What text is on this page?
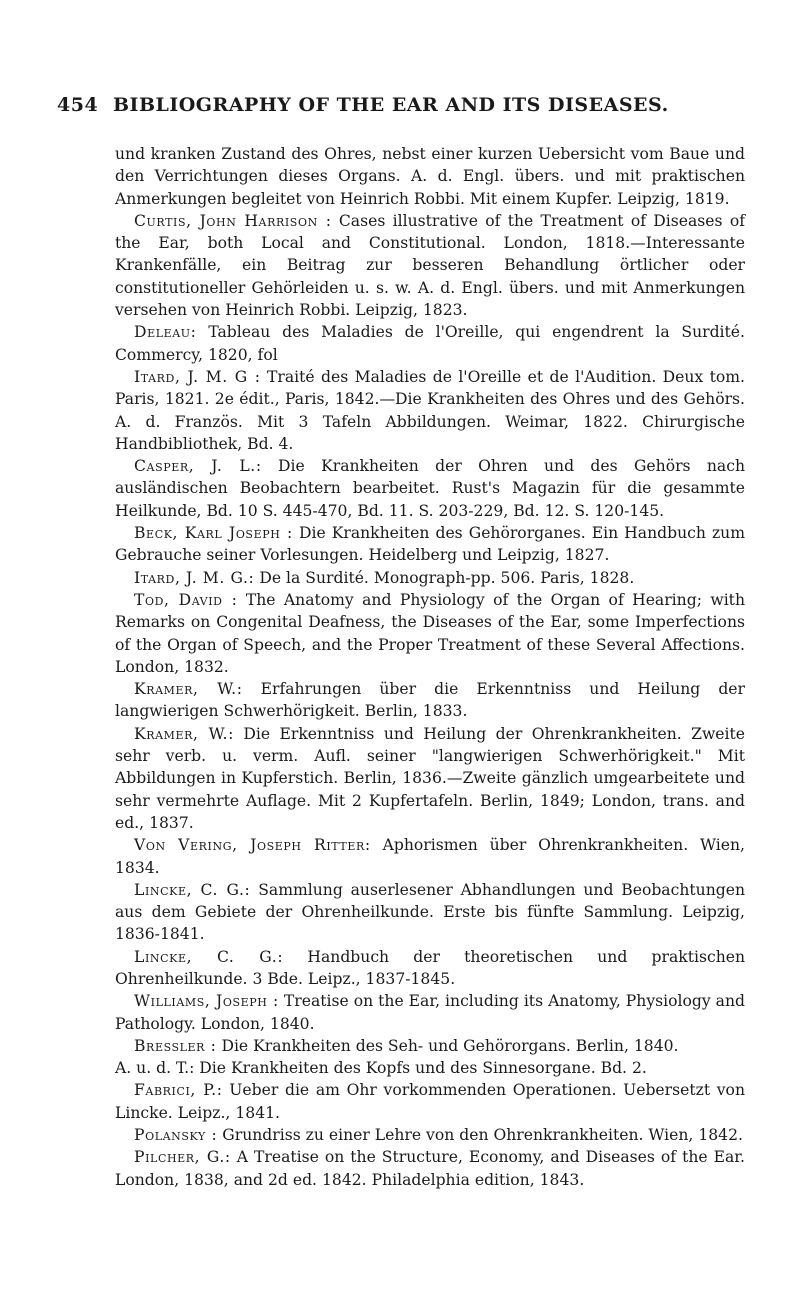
454 BIBLIOGRAPHY OF THE EAR AND ITS DISEASES.

und kranken Zustand des Ohres, nebst einer kurzen Uebersicht vom Baue und den Verrichtungen dieses Organs. A. d. Engl. übers. und mit praktischen Anmerkungen begleitet von Heinrich Robbi. Mit einem Kupfer. Leipzig, 1819.

Curtis, John Harrison : Cases illustrative of the Treatment of Diseases of the Ear, both Local and Constitutional. London, 1818.—Interessante Krankenfälle, ein Beitrag zur besseren Behandlung örtlicher oder constitutioneller Gehörleiden u. s. w. A. d. Engl. übers. und mit Anmerkungen versehen von Heinrich Robbi. Leipzig, 1823.

Deleau: Tableau des Maladies de l'Oreille, qui engendrent la Surdité. Commercy, 1820, fol

Itard, J. M. G : Traité des Maladies de l'Oreille et de l'Audition. Deux tom. Paris, 1821. 2e édit., Paris, 1842.—Die Krankheiten des Ohres und des Gehörs. A. d. Französ. Mit 3 Tafeln Abbildungen. Weimar, 1822. Chirurgische Handbibliothek, Bd. 4.

Casper, J. L.: Die Krankheiten der Ohren und des Gehörs nach ausländischen Beobachtern bearbeitet. Rust's Magazin für die gesammte Heilkunde, Bd. 10 S. 445-470, Bd. 11. S. 203-229, Bd. 12. S. 120-145.

Beck, Karl Joseph : Die Krankheiten des Gehörorganes. Ein Handbuch zum Gebrauche seiner Vorlesungen. Heidelberg und Leipzig, 1827.

Itard, J. M. G.: De la Surdité. Monograph-pp. 506. Paris, 1828.

Tod, David : The Anatomy and Physiology of the Organ of Hearing; with Remarks on Congenital Deafness, the Diseases of the Ear, some Imperfections of the Organ of Speech, and the Proper Treatment of these Several Affections. London, 1832.

Kramer, W.: Erfahrungen über die Erkenntniss und Heilung der langwierigen Schwerhörigkeit. Berlin, 1833.

Kramer, W.: Die Erkenntniss und Heilung der Ohrenkrankheiten. Zweite sehr verb. u. verm. Aufl. seiner "langwierigen Schwerhörigkeit." Mit Abbildungen in Kupferstich. Berlin, 1836.—Zweite gänzlich umgearbeitete und sehr vermehrte Auflage. Mit 2 Kupfertafeln. Berlin, 1849; London, trans. and ed., 1837.

Von Vering, Joseph Ritter: Aphorismen über Ohrenkrankheiten. Wien, 1834.

Lincke, C. G.: Sammlung auserlesener Abhandlungen und Beobachtungen aus dem Gebiete der Ohrenheilkunde. Erste bis fünfte Sammlung. Leipzig, 1836-1841.

Lincke, C. G.: Handbuch der theoretischen und praktischen Ohrenheilkunde. 3 Bde. Leipz., 1837-1845.

Williams, Joseph : Treatise on the Ear, including its Anatomy, Physiology and Pathology. London, 1840.

Bressler : Die Krankheiten des Seh- und Gehörorgans. Berlin, 1840.

A. u. d. T.: Die Krankheiten des Kopfs und des Sinnesorgane. Bd. 2.

Fabrici, P.: Ueber die am Ohr vorkommenden Operationen. Uebersetzt von Lincke. Leipz., 1841.

Polansky : Grundriss zu einer Lehre von den Ohrenkrankheiten. Wien, 1842.

Pilcher, G.: A Treatise on the Structure, Economy, and Diseases of the Ear. London, 1838, and 2d ed. 1842. Philadelphia edition, 1843.
